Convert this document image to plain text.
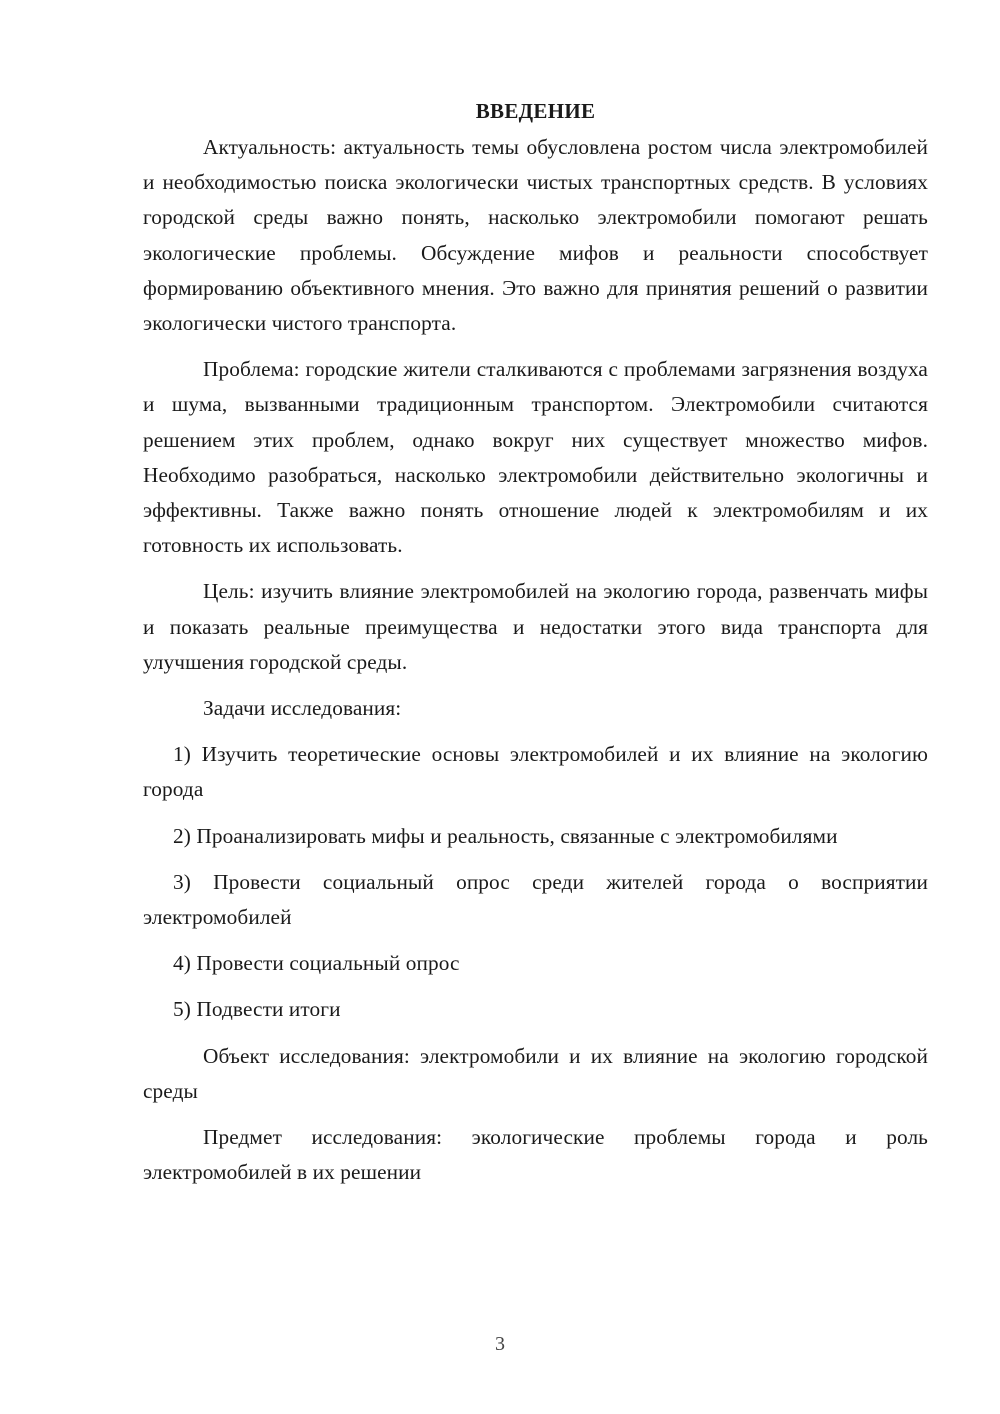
ВВЕДЕНИЕ

Актуальность: актуальность темы обусловлена ростом числа электромобилей и необходимостью поиска экологически чистых транспортных средств. В условиях городской среды важно понять, насколько электромобили помогают решать экологические проблемы. Обсуждение мифов и реальности способствует формированию объективного мнения. Это важно для принятия решений о развитии экологически чистого транспорта.

Проблема: городские жители сталкиваются с проблемами загрязнения воздуха и шума, вызванными традиционным транспортом. Электромобили считаются решением этих проблем, однако вокруг них существует множество мифов. Необходимо разобраться, насколько электромобили действительно экологичны и эффективны. Также важно понять отношение людей к электромобилям и их готовность их использовать.

Цель: изучить влияние электромобилей на экологию города, развенчать мифы и показать реальные преимущества и недостатки этого вида транспорта для улучшения городской среды.

Задачи исследования:

1) Изучить теоретические основы электромобилей и их влияние на экологию города

2) Проанализировать мифы и реальность, связанные с электромобилями

3) Провести социальный опрос среди жителей города о восприятии электромобилей

4) Провести социальный опрос

5) Подвести итоги

Объект исследования: электромобили и их влияние на экологию городской среды

Предмет исследования: экологические проблемы города и роль электромобилей в их решении

3
